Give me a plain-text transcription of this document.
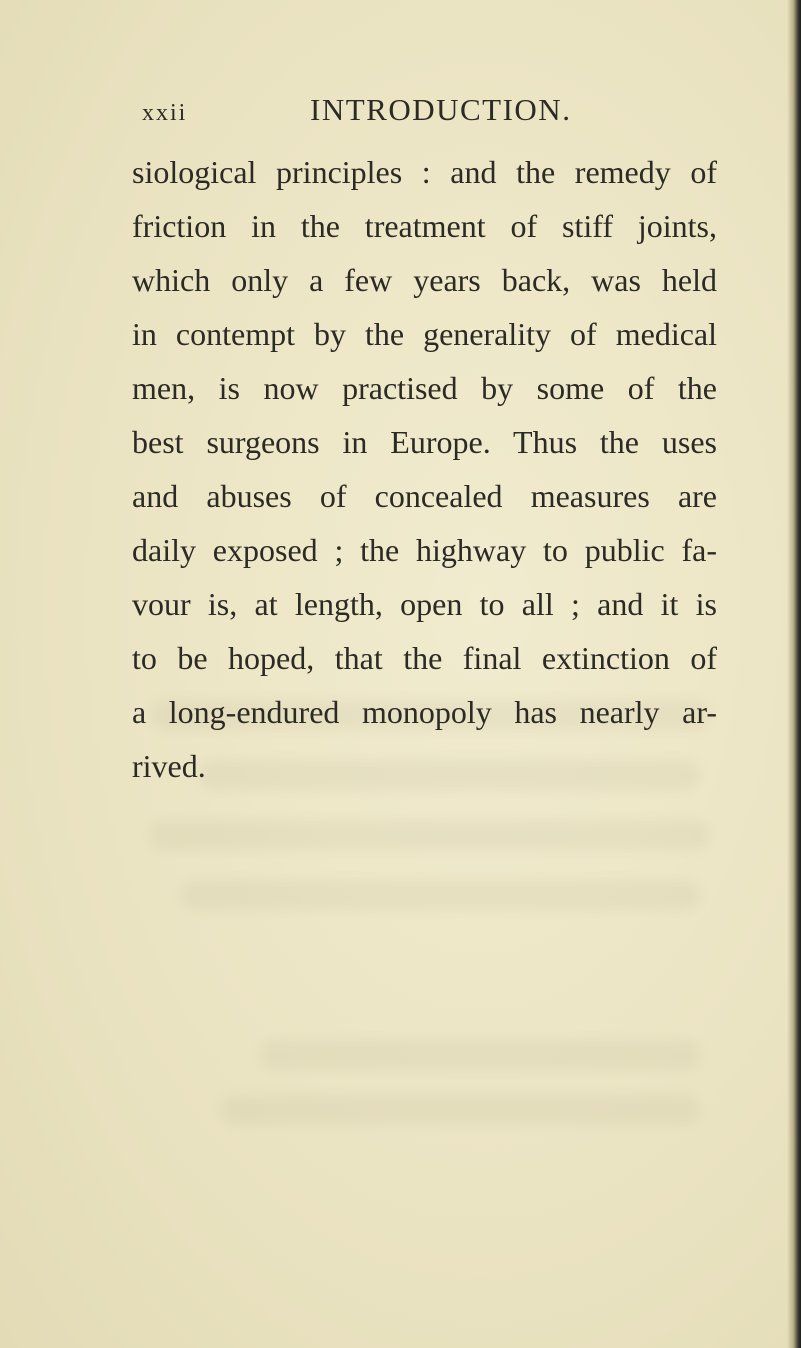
xxii	INTRODUCTION.
siological principles : and the remedy of
friction in the treatment of stiff joints,
which only a few years back, was held
in contempt by the generality of medical
men, is now practised by some of the
best surgeons in Europe. Thus the uses
and abuses of concealed measures are
daily exposed ; the highway to public fa-
vour is, at length, open to all ; and it is
to be hoped, that the final extinction of
a long-endured monopoly has nearly ar-
rived.
